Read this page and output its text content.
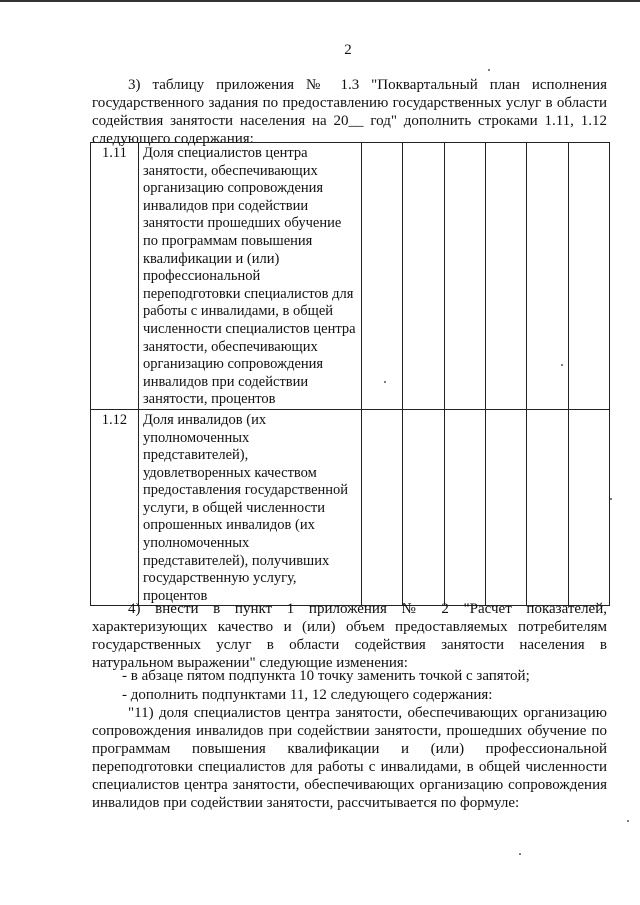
2

3) таблицу приложения № 1.3 "Поквартальный план исполнения государственного задания по предоставлению государственных услуг в области содействия занятости населения на 20__ год" дополнить строками 1.11, 1.12 следующего содержания:

1.11	Доля специалистов центра занятости, обеспечивающих организацию сопровождения инвалидов при содействии занятости прошедших обучение по программам повышения квалификации и (или) профессиональной переподготовки специалистов для работы с инвалидами, в общей численности специалистов центра занятости, обеспечивающих организацию сопровождения инвалидов при содействии занятости, процентов						
1.12	Доля инвалидов (их уполномоченных представителей), удовлетворенных качеством предоставления государственной услуги, в общей численности опрошенных инвалидов (их уполномоченных представителей), получивших государственную услугу, процентов						

4) внести в пункт 1 приложения № 2 "Расчет показателей, характеризующих качество и (или) объем предоставляемых потребителям государственных услуг в области содействия занятости населения в натуральном выражении" следующие изменения:

- в абзаце пятом подпункта 10 точку заменить точкой с запятой;

- дополнить подпунктами 11, 12 следующего содержания:

"11) доля специалистов центра занятости, обеспечивающих организацию сопровождения инвалидов при содействии занятости, прошедших обучение по программам повышения квалификации и (или) профессиональной переподготовки специалистов для работы с инвалидами, в общей численности специалистов центра занятости, обеспечивающих организацию сопровождения инвалидов при содействии занятости, рассчитывается по формуле:
